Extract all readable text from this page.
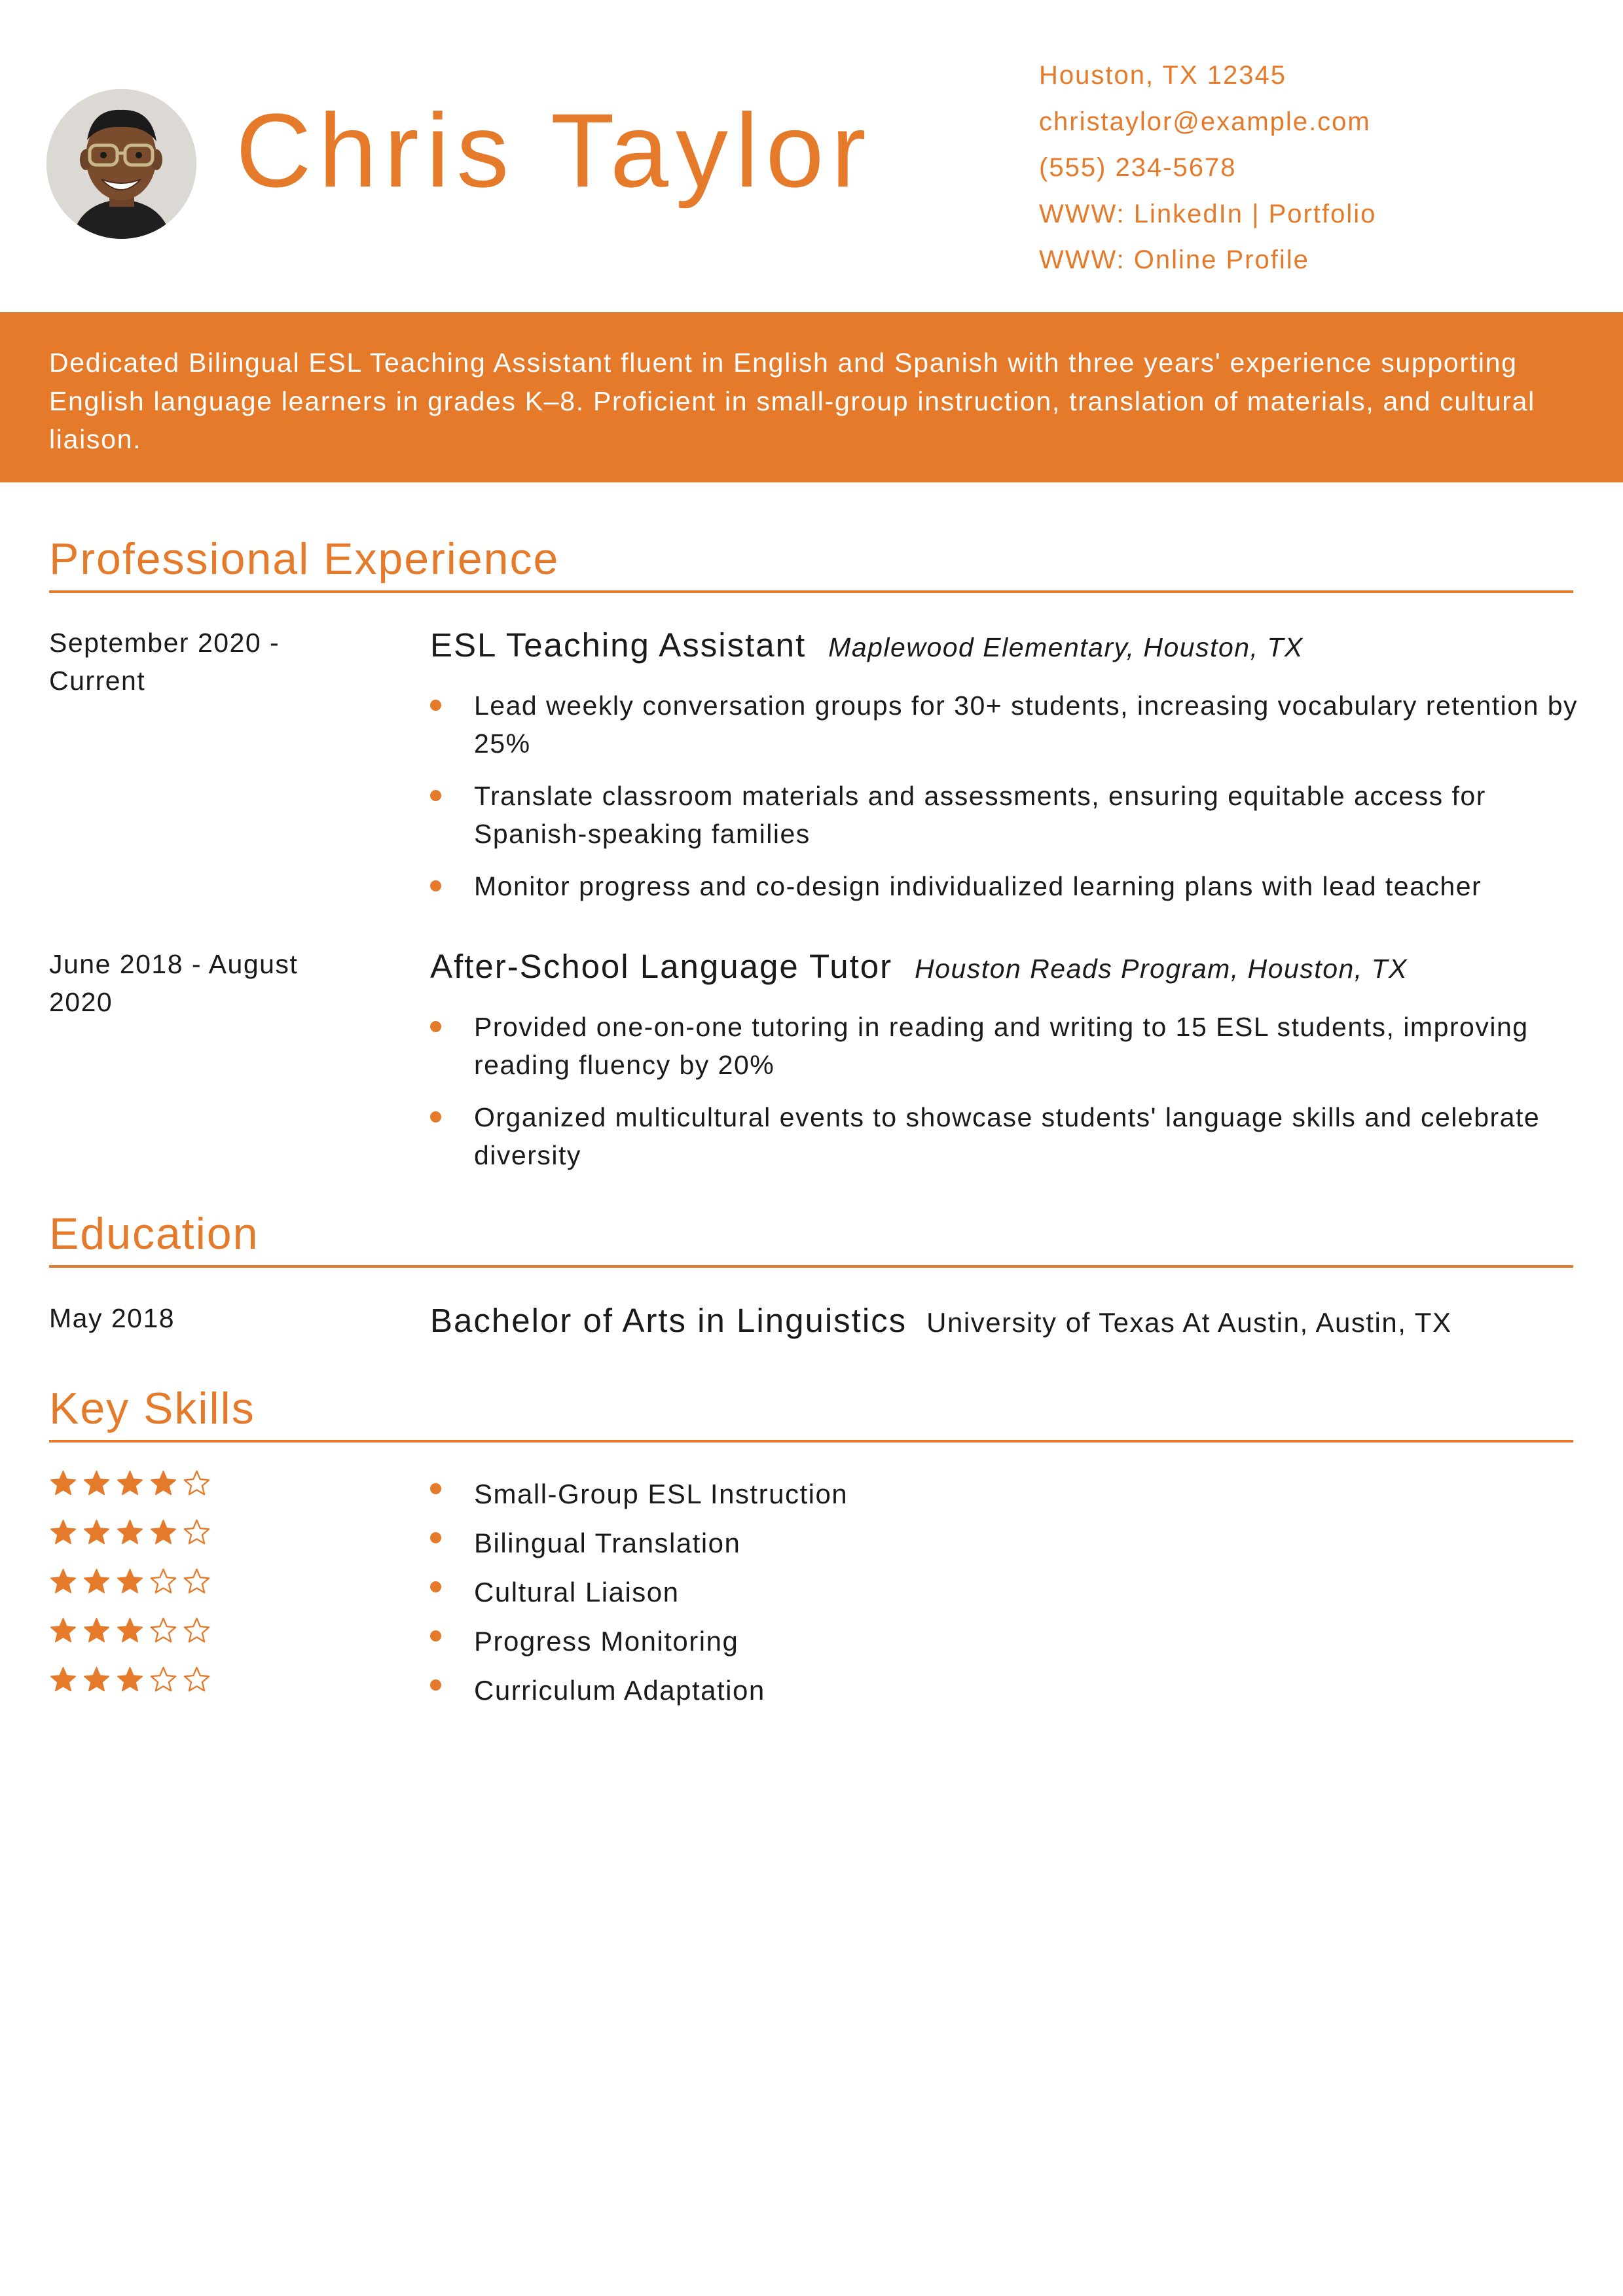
Chris Taylor
Houston, TX 12345
christaylor@example.com
(555) 234-5678
WWW: LinkedIn | Portfolio
WWW: Online Profile

Dedicated Bilingual ESL Teaching Assistant fluent in English and Spanish with three years' experience supporting English language learners in grades K–8. Proficient in small-group instruction, translation of materials, and cultural liaison.

Professional Experience
September 2020 - Current
ESL Teaching Assistant Maplewood Elementary, Houston, TX
Lead weekly conversation groups for 30+ students, increasing vocabulary retention by 25%
Translate classroom materials and assessments, ensuring equitable access for Spanish-speaking families
Monitor progress and co-design individualized learning plans with lead teacher
June 2018 - August 2020
After-School Language Tutor Houston Reads Program, Houston, TX
Provided one-on-one tutoring in reading and writing to 15 ESL students, improving reading fluency by 20%
Organized multicultural events to showcase students' language skills and celebrate diversity
Education
May 2018	Bachelor of Arts in Linguistics University of Texas At Austin, Austin, TX
Key Skills
Small-Group ESL Instruction
Bilingual Translation
Cultural Liaison
Progress Monitoring
Curriculum Adaptation
